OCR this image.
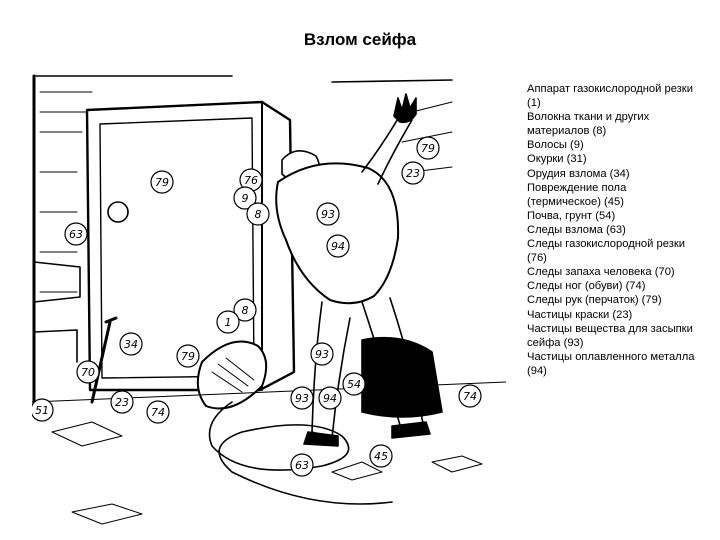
Взлом сейфа
79
23
79	76
9
8	93
94
63
8
1
34
79
70
93
54
93 94	74
51
23
74
63
45
Аппарат газокислородной резки (1)
Волокна ткани и других материалов (8)
Волосы (9)
Окурки (31)
Орудия взлома (34)
Повреждение пола (термическое) (45)
Почва, грунт (54)
Следы взлома (63)
Следы газокислородной резки (76)
Следы запаха человека (70)
Следы ног (обуви) (74)
Следы рук (перчаток) (79)
Частицы краски (23)
Частицы вещества для засыпки сейфа (93)
Частицы оплавленного металла (94)
